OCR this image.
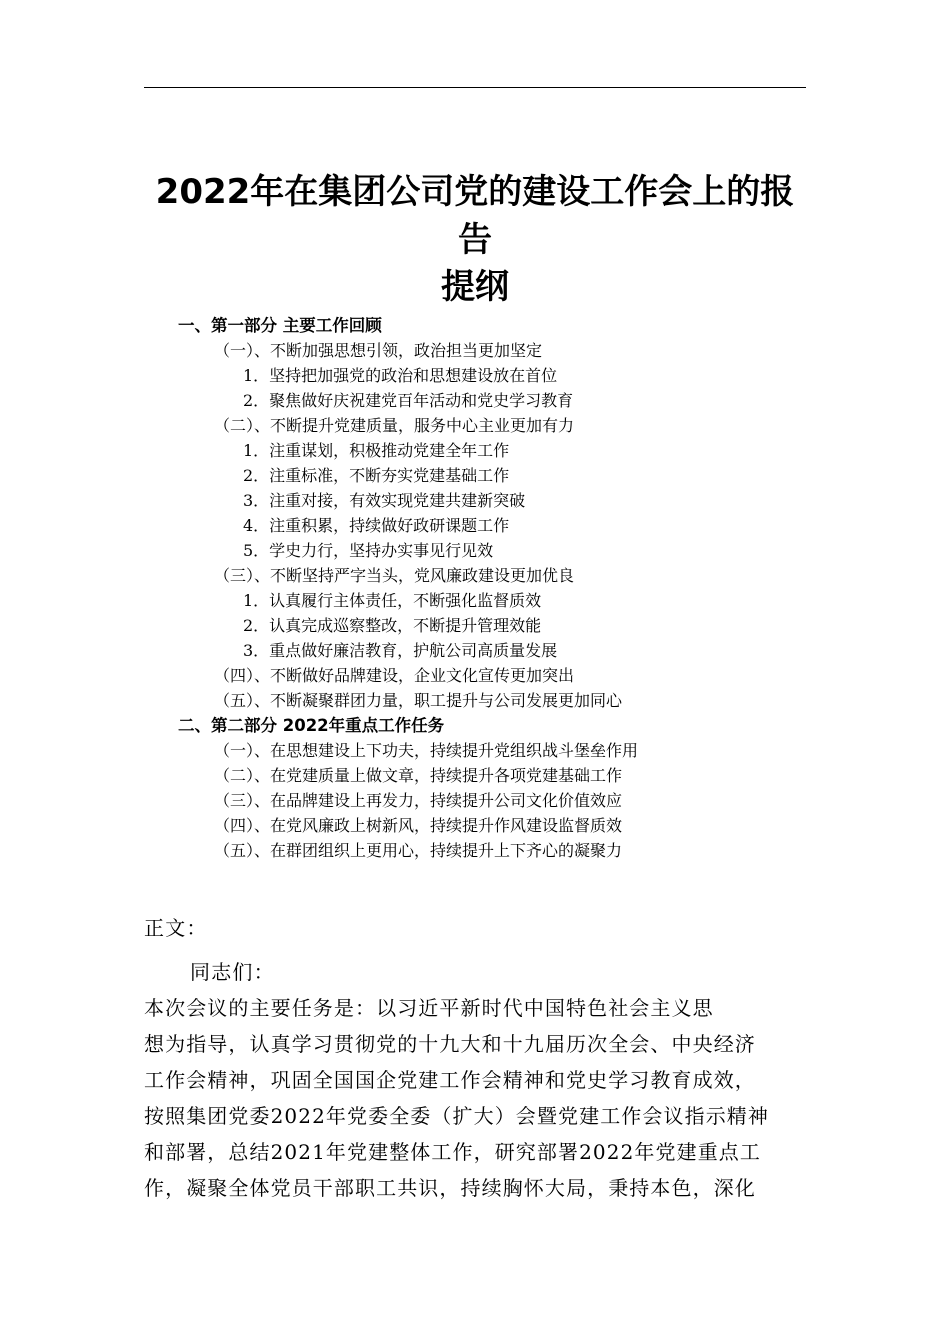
2022年在集团公司党的建设工作会上的报
告
提纲
一、第一部分 主要工作回顾
（一）、不断加强思想引领，政治担当更加坚定
1．坚持把加强党的政治和思想建设放在首位
2．聚焦做好庆祝建党百年活动和党史学习教育
（二）、不断提升党建质量，服务中心主业更加有力
1．注重谋划，积极推动党建全年工作
2．注重标准，不断夯实党建基础工作
3．注重对接，有效实现党建共建新突破
4．注重积累，持续做好政研课题工作
5．学史力行，坚持办实事见行见效
（三）、不断坚持严字当头，党风廉政建设更加优良
1．认真履行主体责任，不断强化监督质效
2．认真完成巡察整改，不断提升管理效能
3．重点做好廉洁教育，护航公司高质量发展
（四）、不断做好品牌建设，企业文化宣传更加突出
（五）、不断凝聚群团力量，职工提升与公司发展更加同心
二、第二部分 2022年重点工作任务
（一）、在思想建设上下功夫，持续提升党组织战斗堡垒作用
（二）、在党建质量上做文章，持续提升各项党建基础工作
（三）、在品牌建设上再发力，持续提升公司文化价值效应
（四）、在党风廉政上树新风，持续提升作风建设监督质效
（五）、在群团组织上更用心，持续提升上下齐心的凝聚力
正文：
同志们：
本次会议的主要任务是：以习近平新时代中国特色社会主义思
想为指导，认真学习贯彻党的十九大和十九届历次全会、中央经济
工作会精神，巩固全国国企党建工作会精神和党史学习教育成效，
按照集团党委2022年党委全委（扩大）会暨党建工作会议指示精神
和部署，总结2021年党建整体工作，研究部署2022年党建重点工
作，凝聚全体党员干部职工共识，持续胸怀大局，秉持本色，深化
